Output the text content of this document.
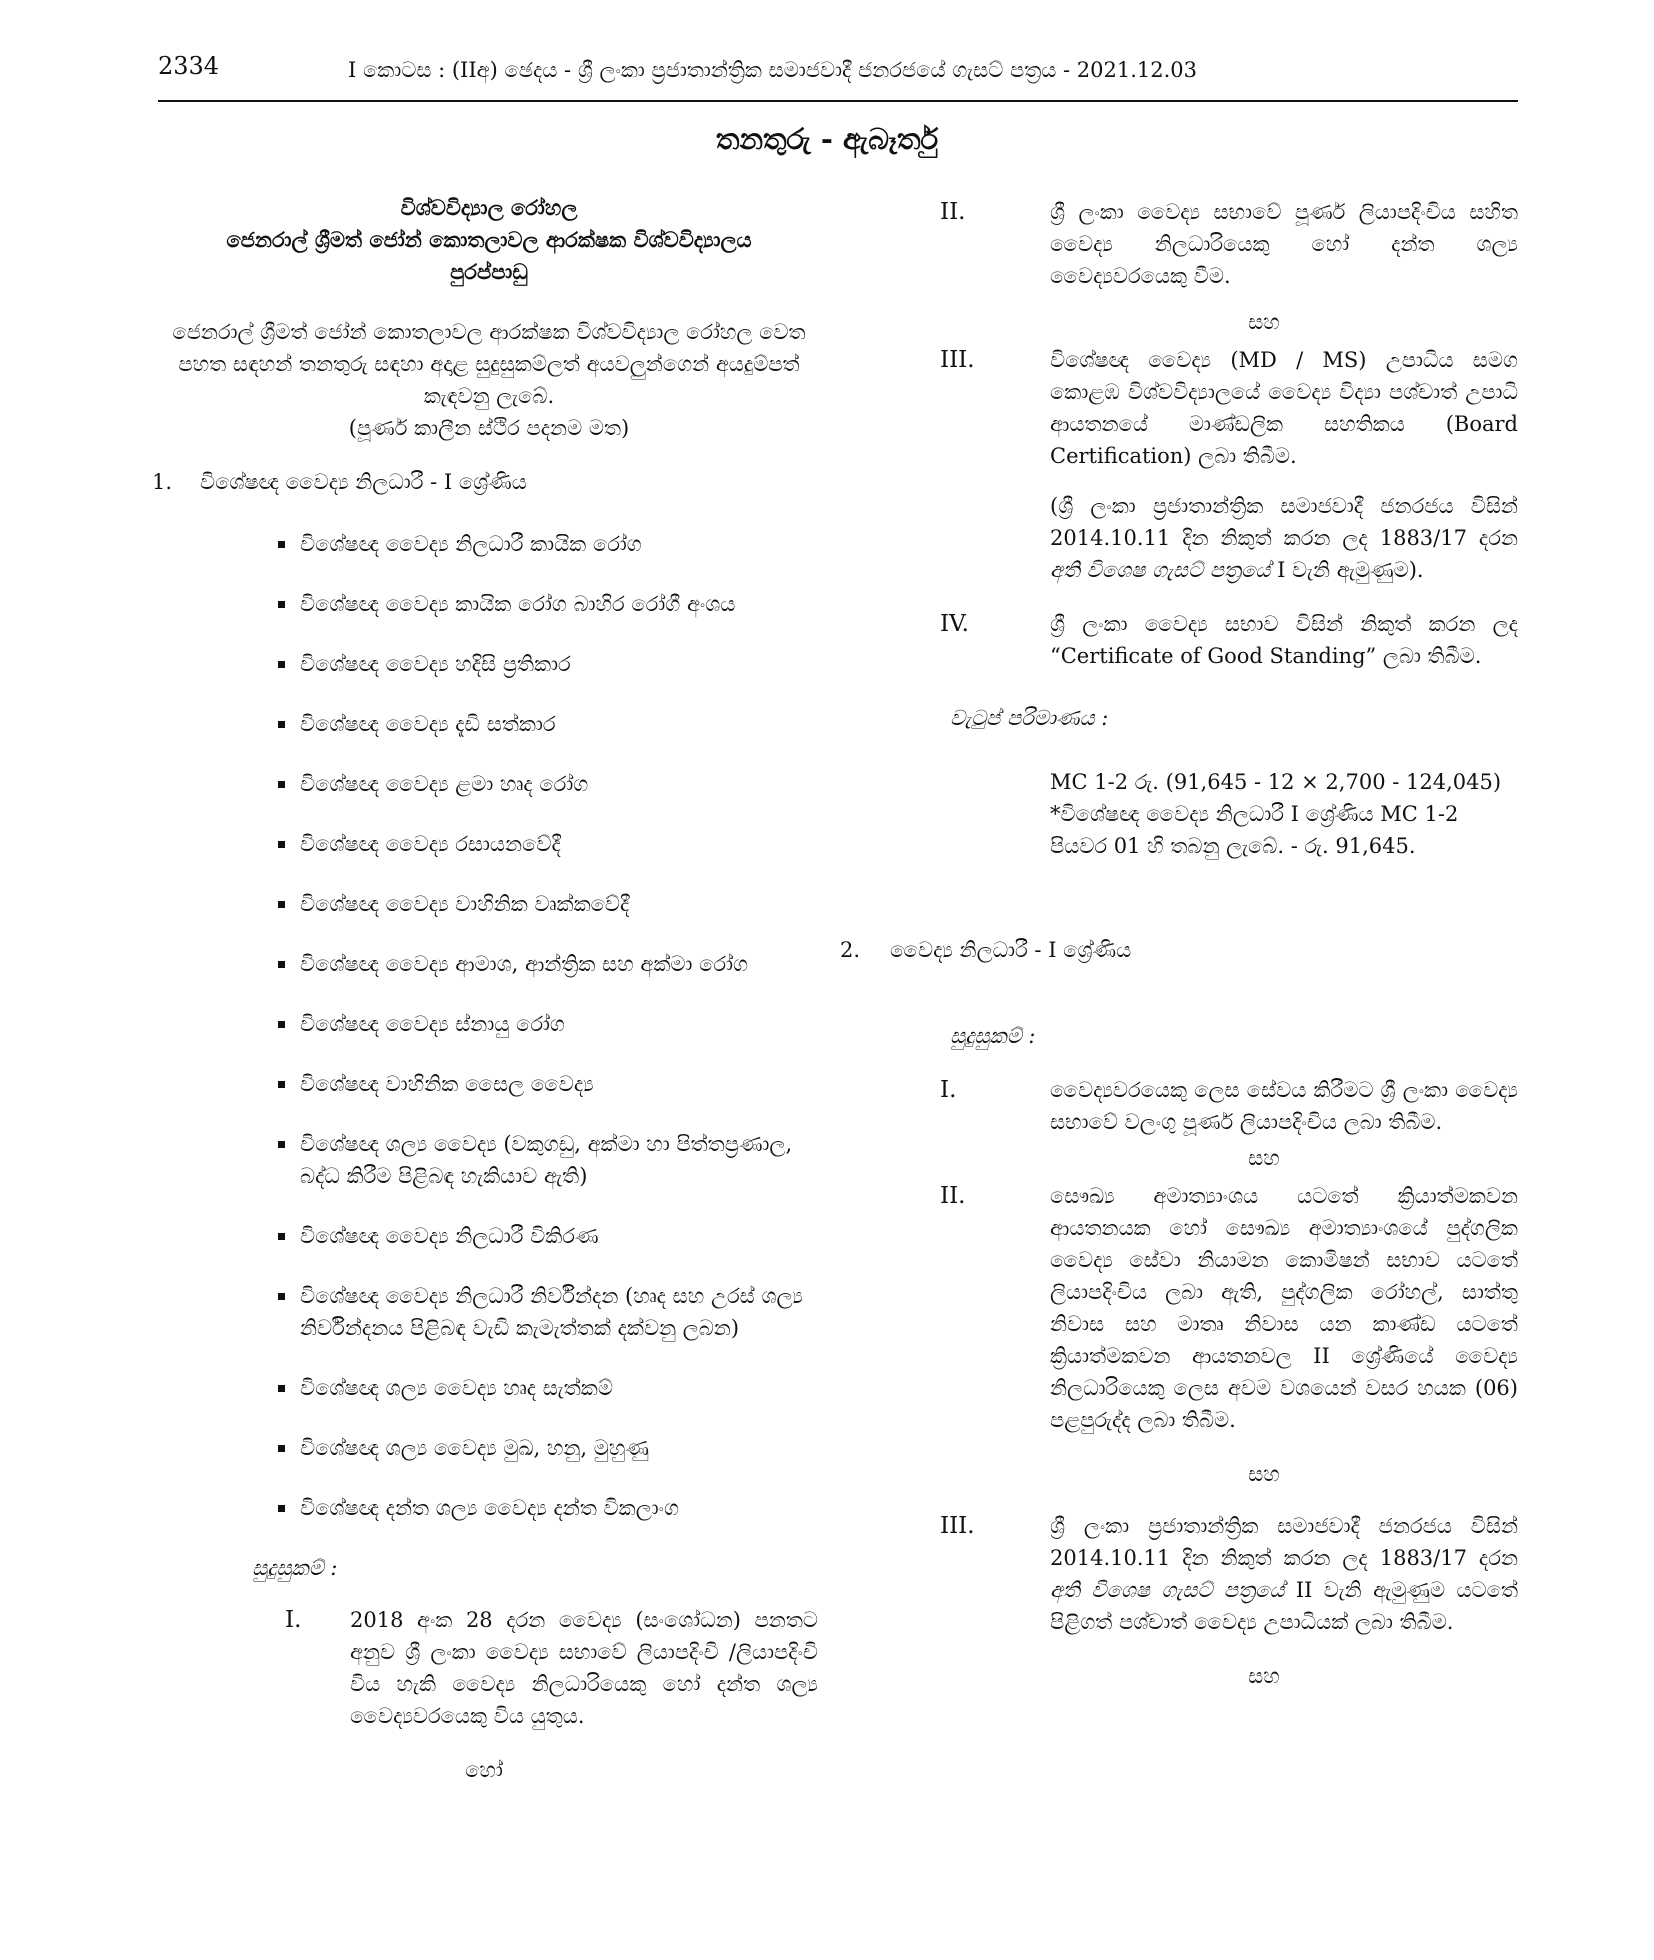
2334	I කොටස : (IIඅ) ඡෙදය - ශ්‍රී ලංකා ප්‍රජාතාන්ත්‍රික සමාජවාදී ජනරජයේ ගැසට් පත්‍රය - 2021.12.03
තනතුරු - ඇබෑර්තු
විශ්වවිද්‍යාල රෝහල
ජෙනරාල් ශ්‍රීමත් ජෝන් කොතලාවල ආරක්ෂක විශ්වවිද්‍යාලය
පුරප්පාඩු
ජෙනරාල් ශ්‍රීමත් ජෝන් කොතලාවල ආරක්ෂක විශ්වවිද්‍යාල රෝහල වෙත පහත සඳහන් තනතුරු සඳහා අදාළ සුදුසුකම්ලත් අයවලුන්ගෙන් අයදුම්පත් කැඳවනු ලැබේ.
(පූර්ණ කාලීන ස්ථිර පදනම මත)
1. විශේෂඥ වෛද්‍ය නිලධාරී - I ශ්‍රේණිය
විශේෂඥ වෛද්‍ය නිලධාරී කායික රෝග
විශේෂඥ වෛද්‍ය කායික රෝග බාහිර රෝගී අංශය
විශේෂඥ වෛද්‍ය හදිසි ප්‍රතිකාර
විශේෂඥ වෛද්‍ය දැඩි සත්කාර
විශේෂඥ වෛද්‍ය ළමා හෘද රෝග
විශේෂඥ වෛද්‍ය රසායනවේදී
විශේෂඥ වෛද්‍ය වාහිනික වෘක්කවේදී
විශේෂඥ වෛද්‍ය ආමාශ, ආන්ත්‍රික සහ අක්මා රෝග
විශේෂඥ වෛද්‍ය ස්නායු රෝග
විශේෂඥ වාහිනික සෛල වෛද්‍ය
විශේෂඥ ශල්‍ය වෛද්‍ය (වකුගඩු, අක්මා හා පිත්තප්‍රණාල, බද්ධ කිරීම පිළිබඳ හැකියාව ඇති)
විශේෂඥ වෛද්‍ය නිලධාරී විකිරණ
විශේෂඥ වෛද්‍ය නිලධාරී නිර්වින්දන (හෘද සහ උරස් ශල්‍ය නිර්වින්දනය පිළිබඳ වැඩි කැමැත්තක් දක්වනු ලබන)
විශේෂඥ ශල්‍ය වෛද්‍ය හෘද සැත්කම්
විශේෂඥ ශල්‍ය වෛද්‍ය මුඛ, හනු, මුහුණු
විශේෂඥ දන්ත ශල්‍ය වෛද්‍ය දන්ත විකලාංග
සුදුසුකම් :
I. 2018 අංක 28 දරන වෛද්‍ය (සංශෝධන) පනතට අනුව ශ්‍රී ලංකා වෛද්‍ය සභාවේ ලියාපදිංචි /ලියාපදිංචි විය හැකි වෛද්‍ය නිලධාරියෙකු හෝ දන්ත ශල්‍ය වෛද්‍යවරයෙකු විය යුතුය.
හෝ
II.	ශ්‍රී ලංකා වෛද්‍ය සභාවේ පූර්ණ ලියාපදිංචිය සහිත වෛද්‍ය නිලධාරියෙකු හෝ දන්ත ශල්‍ය වෛද්‍යවරයෙකු වීම.
සහ
III.	විශේෂඥ වෛද්‍ය (MD / MS) උපාධිය සමග කොළඹ විශ්වවිද්‍යාලයේ වෛද්‍ය විද්‍යා පශ්චාත් උපාධි ආයතනයේ මාණ්ඩලික සහතිකය (Board Certification) ලබා තිබීම.
(ශ්‍රී ලංකා ප්‍රජාතාන්ත්‍රික සමාජවාදී ජනරජය විසින් 2014.10.11 දින නිකුත් කරන ලද 1883/17 දරන අති විශෙෂ ගැසට් පත්‍රයේ I වැනි ඇමුණුම).
IV.	ශ්‍රී ලංකා වෛද්‍ය සභාව විසින් නිකුත් කරන ලද “Certificate of Good Standing” ලබා තිබීම.
වැටුප් පරිමාණය :
MC 1-2 රු. (91,645 - 12 × 2,700 - 124,045)
*විශේෂඥ වෛද්‍ය නිලධාරී I ශ්‍රේණිය MC 1-2 පියවර 01 හි තබනු ලැබේ. - රු. 91,645.
2. වෛද්‍ය නිලධාරී - I ශ්‍රේණිය
සුදුසුකම් :
I.	වෛද්‍යවරයෙකු ලෙස සේවය කිරීමට ශ්‍රී ලංකා වෛද්‍ය සභාවේ වලංගු පූර්ණ ලියාපදිංචිය ලබා තිබීම.
සහ
II.	සෞඛ්‍ය අමාත්‍යාංශය යටතේ ක්‍රියාත්මකවන ආයතනයක හෝ සෞඛ්‍ය අමාත්‍යාංශයේ පුද්ගලික වෛද්‍ය සේවා නියාමන කොමිෂන් සභාව යටතේ ලියාපදිංචිය ලබා ඇති, පුද්ගලික රෝහල්, සාත්තු නිවාස සහ මාතෘ නිවාස යන කාණ්ඩ යටතේ ක්‍රියාත්මකවන ආයතනවල II ශ්‍රේණියේ වෛද්‍ය නිලධාරියෙකු ලෙස අවම වශයෙන් වසර හයක (06) පළපුරුද්ද ලබා තිබීම.
සහ
III.	ශ්‍රී ලංකා ප්‍රජාතාන්ත්‍රික සමාජවාදී ජනරජය විසින් 2014.10.11 දින නිකුත් කරන ලද 1883/17 දරන අති විශෙෂ ගැසට් පත්‍රයේ II වැනි ඇමුණුම යටතේ පිළිගත් පශ්චාත් වෛද්‍ය උපාධියක් ලබා තිබීම.
සහ
